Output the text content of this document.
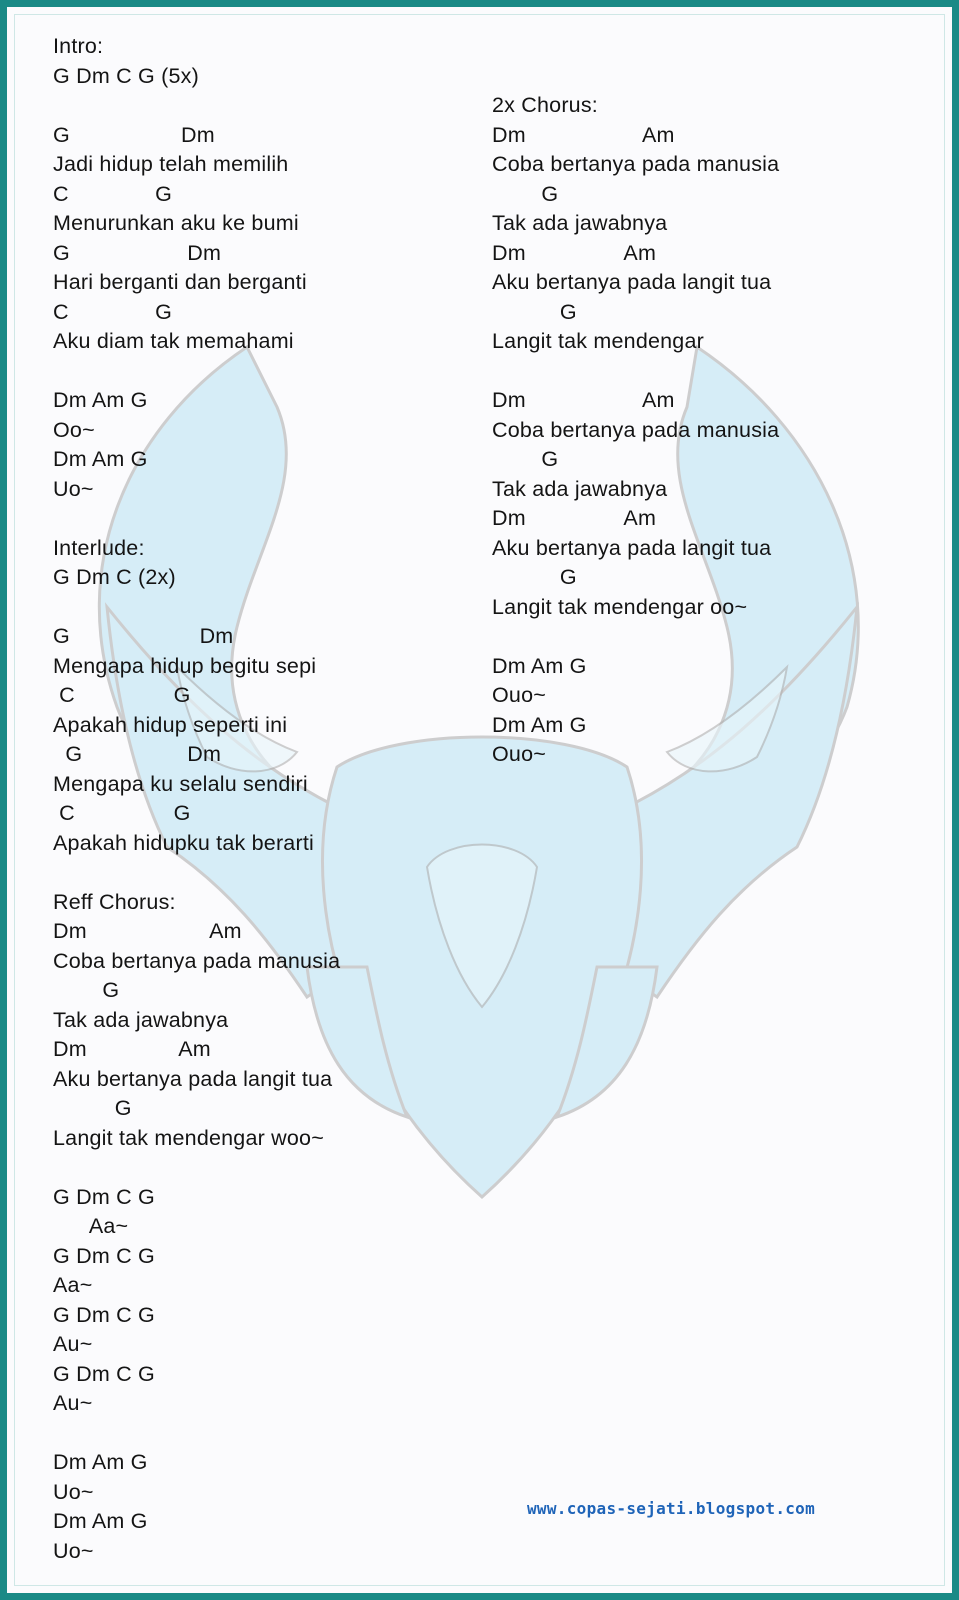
Intro:
G Dm C G (5x)
G                  Dm
Jadi hidup telah memilih
C              G
Menurunkan aku ke bumi
G                   Dm
Hari berganti dan berganti
C              G
Aku diam tak memahami
Dm Am G
Oo~
Dm Am G
Uo~
Interlude:
G Dm C (2x)
G                     Dm
Mengapa hidup begitu sepi
C                G
Apakah hidup seperti ini
G                 Dm
Mengapa ku selalu sendiri
C                G
Apakah hidupku tak berarti
Reff Chorus:
Dm                    Am
Coba bertanya pada manusia
G
Tak ada jawabnya
Dm               Am
Aku bertanya pada langit tua
G
Langit tak mendengar woo~
G Dm C G
Aa~
G Dm C G
Aa~
G Dm C G
Au~
G Dm C G
Au~
Dm Am G
Uo~
Dm Am G
Uo~
2x Chorus:
Dm                   Am
Coba bertanya pada manusia
G
Tak ada jawabnya
Dm                Am
Aku bertanya pada langit tua
G
Langit tak mendengar
Dm                   Am
Coba bertanya pada manusia
G
Tak ada jawabnya
Dm                Am
Aku bertanya pada langit tua
G
Langit tak mendengar oo~
Dm Am G
Ouo~
Dm Am G
Ouo~
www.copas-sejati.blogspot.com
